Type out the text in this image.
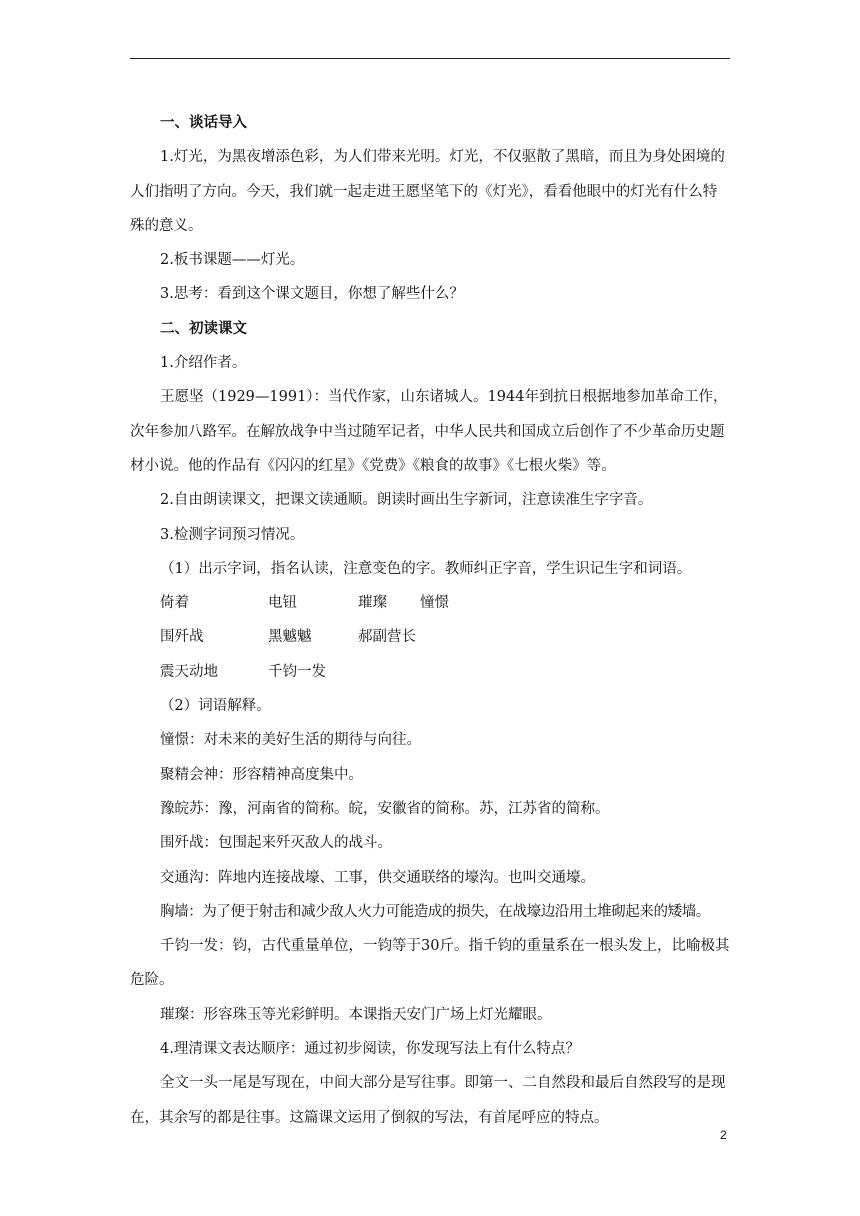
一、谈话导入

1.灯光，为黑夜增添色彩，为人们带来光明。灯光，不仅驱散了黑暗，而且为身处困境的人们指明了方向。今天，我们就一起走进王愿坚笔下的《灯光》，看看他眼中的灯光有什么特殊的意义。

2.板书课题——灯光。

3.思考：看到这个课文题目，你想了解些什么？

二、初读课文

1.介绍作者。

王愿坚（1929—1991）：当代作家，山东诸城人。1944年到抗日根据地参加革命工作，次年参加八路军。在解放战争中当过随军记者，中华人民共和国成立后创作了不少革命历史题材小说。他的作品有《闪闪的红星》《党费》《粮食的故事》《七根火柴》等。

2.自由朗读课文，把课文读通顺。朗读时画出生字新词，注意读准生字字音。

3.检测字词预习情况。

（1）出示字词，指名认读，注意变色的字。教师纠正字音，学生识记生字和词语。

倚着	电钮	璀璨	憧憬
围歼战	黑魆魆	郝副营长
震天动地	千钧一发

（2）词语解释。

憧憬：对未来的美好生活的期待与向往。

聚精会神：形容精神高度集中。

豫皖苏：豫，河南省的简称。皖，安徽省的简称。苏，江苏省的简称。

围歼战：包围起来歼灭敌人的战斗。

交通沟：阵地内连接战壕、工事，供交通联络的壕沟。也叫交通壕。

胸墙：为了便于射击和减少敌人火力可能造成的损失，在战壕边沿用土堆砌起来的矮墙。

千钧一发：钧，古代重量单位，一钧等于30斤。指千钧的重量系在一根头发上，比喻极其危险。

璀璨：形容珠玉等光彩鲜明。本课指天安门广场上灯光耀眼。

4.理清课文表达顺序：通过初步阅读，你发现写法上有什么特点？

全文一头一尾是写现在，中间大部分是写往事。即第一、二自然段和最后自然段写的是现在，其余写的都是往事。这篇课文运用了倒叙的写法，有首尾呼应的特点。

2
